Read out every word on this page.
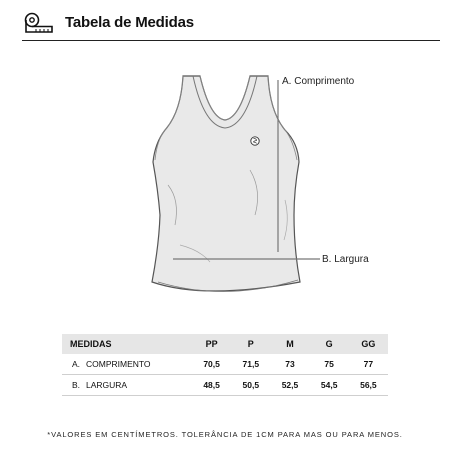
Tabela de Medidas
A. Comprimento
B. Largura
MEDIDAS	PP	P	M	G	GG
A. COMPRIMENTO	70,5	71,5	73	75	77
B. LARGURA	48,5	50,5	52,5	54,5	56,5
*VALORES EM CENTÍMETROS. TOLERÂNCIA DE 1CM PARA MAS OU PARA MENOS.
